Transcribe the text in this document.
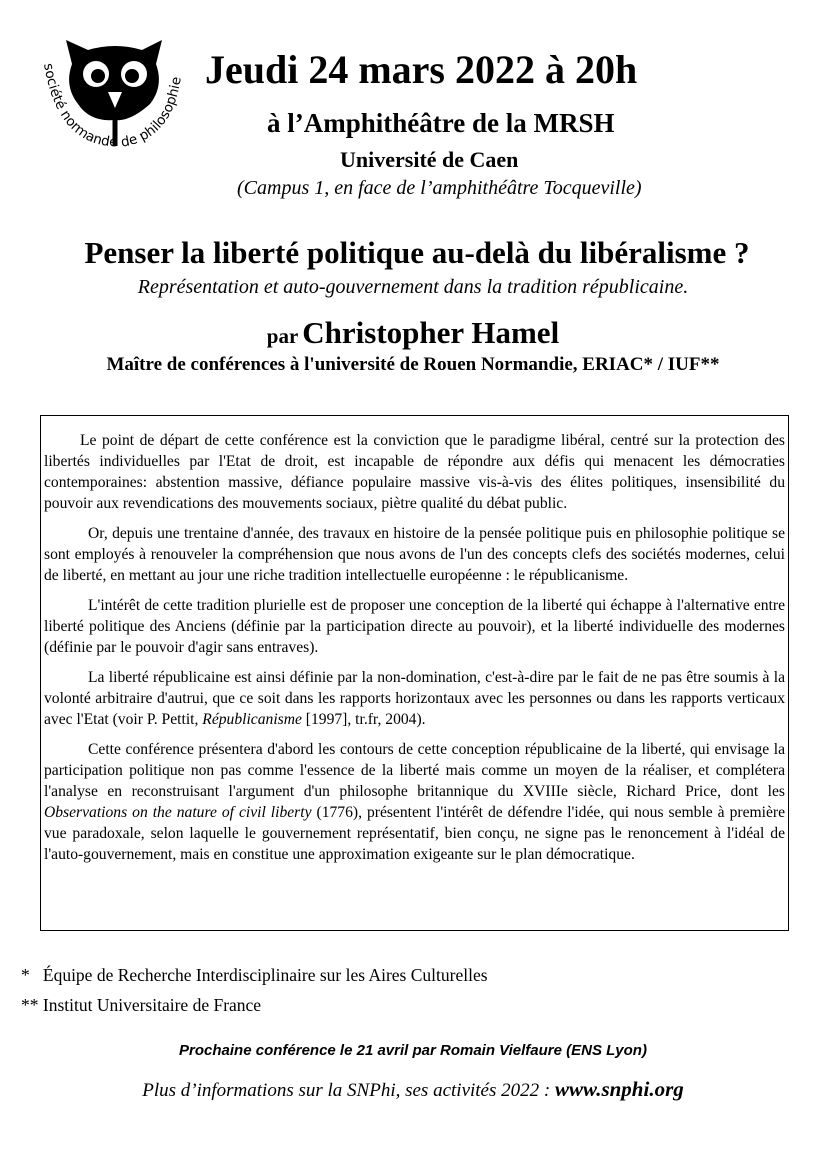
société normande de philosophie Jeudi 24 mars 2022 à 20h
à l’Amphithéâtre de la MRSH
Université de Caen
(Campus 1, en face de l’amphithéâtre Tocqueville)
Penser la liberté politique au-delà du libéralisme ?
Représentation et auto-gouvernement dans la tradition républicaine.
par Christopher Hamel
Maître de conférences à l'université de Rouen Normandie, ERIAC* / IUF**

Le point de départ de cette conférence est la conviction que le paradigme libéral, centré sur la protection des libertés individuelles par l'Etat de droit, est incapable de répondre aux défis qui menacent les démocraties contemporaines: abstention massive, défiance populaire massive vis-à-vis des élites politiques, insensibilité du pouvoir aux revendications des mouvements sociaux, piètre qualité du débat public.

Or, depuis une trentaine d'année, des travaux en histoire de la pensée politique puis en philosophie politique se sont employés à renouveler la compréhension que nous avons de l'un des concepts clefs des sociétés modernes, celui de liberté, en mettant au jour une riche tradition intellectuelle européenne : le républicanisme.

L'intérêt de cette tradition plurielle est de proposer une conception de la liberté qui échappe à l'alternative entre liberté politique des Anciens (définie par la participation directe au pouvoir), et la liberté individuelle des modernes (définie par le pouvoir d'agir sans entraves).

La liberté républicaine est ainsi définie par la non-domination, c'est-à-dire par le fait de ne pas être soumis à la volonté arbitraire d'autrui, que ce soit dans les rapports horizontaux avec les personnes ou dans les rapports verticaux avec l'Etat (voir P. Pettit, Républicanisme [1997], tr.fr, 2004).

Cette conférence présentera d'abord les contours de cette conception républicaine de la liberté, qui envisage la participation politique non pas comme l'essence de la liberté mais comme un moyen de la réaliser, et complétera l'analyse en reconstruisant l'argument d'un philosophe britannique du XVIIIe siècle, Richard Price, dont les Observations on the nature of civil liberty (1776), présentent l'intérêt de défendre l'idée, qui nous semble à première vue paradoxale, selon laquelle le gouvernement représentatif, bien conçu, ne signe pas le renoncement à l'idéal de l'auto-gouvernement, mais en constitue une approximation exigeante sur le plan démocratique.

*   Équipe de Recherche Interdisciplinaire sur les Aires Culturelles
** Institut Universitaire de France
Prochaine conférence le 21 avril par Romain Vielfaure (ENS Lyon)
Plus d’informations sur la SNPhi, ses activités 2022 : www.snphi.org
